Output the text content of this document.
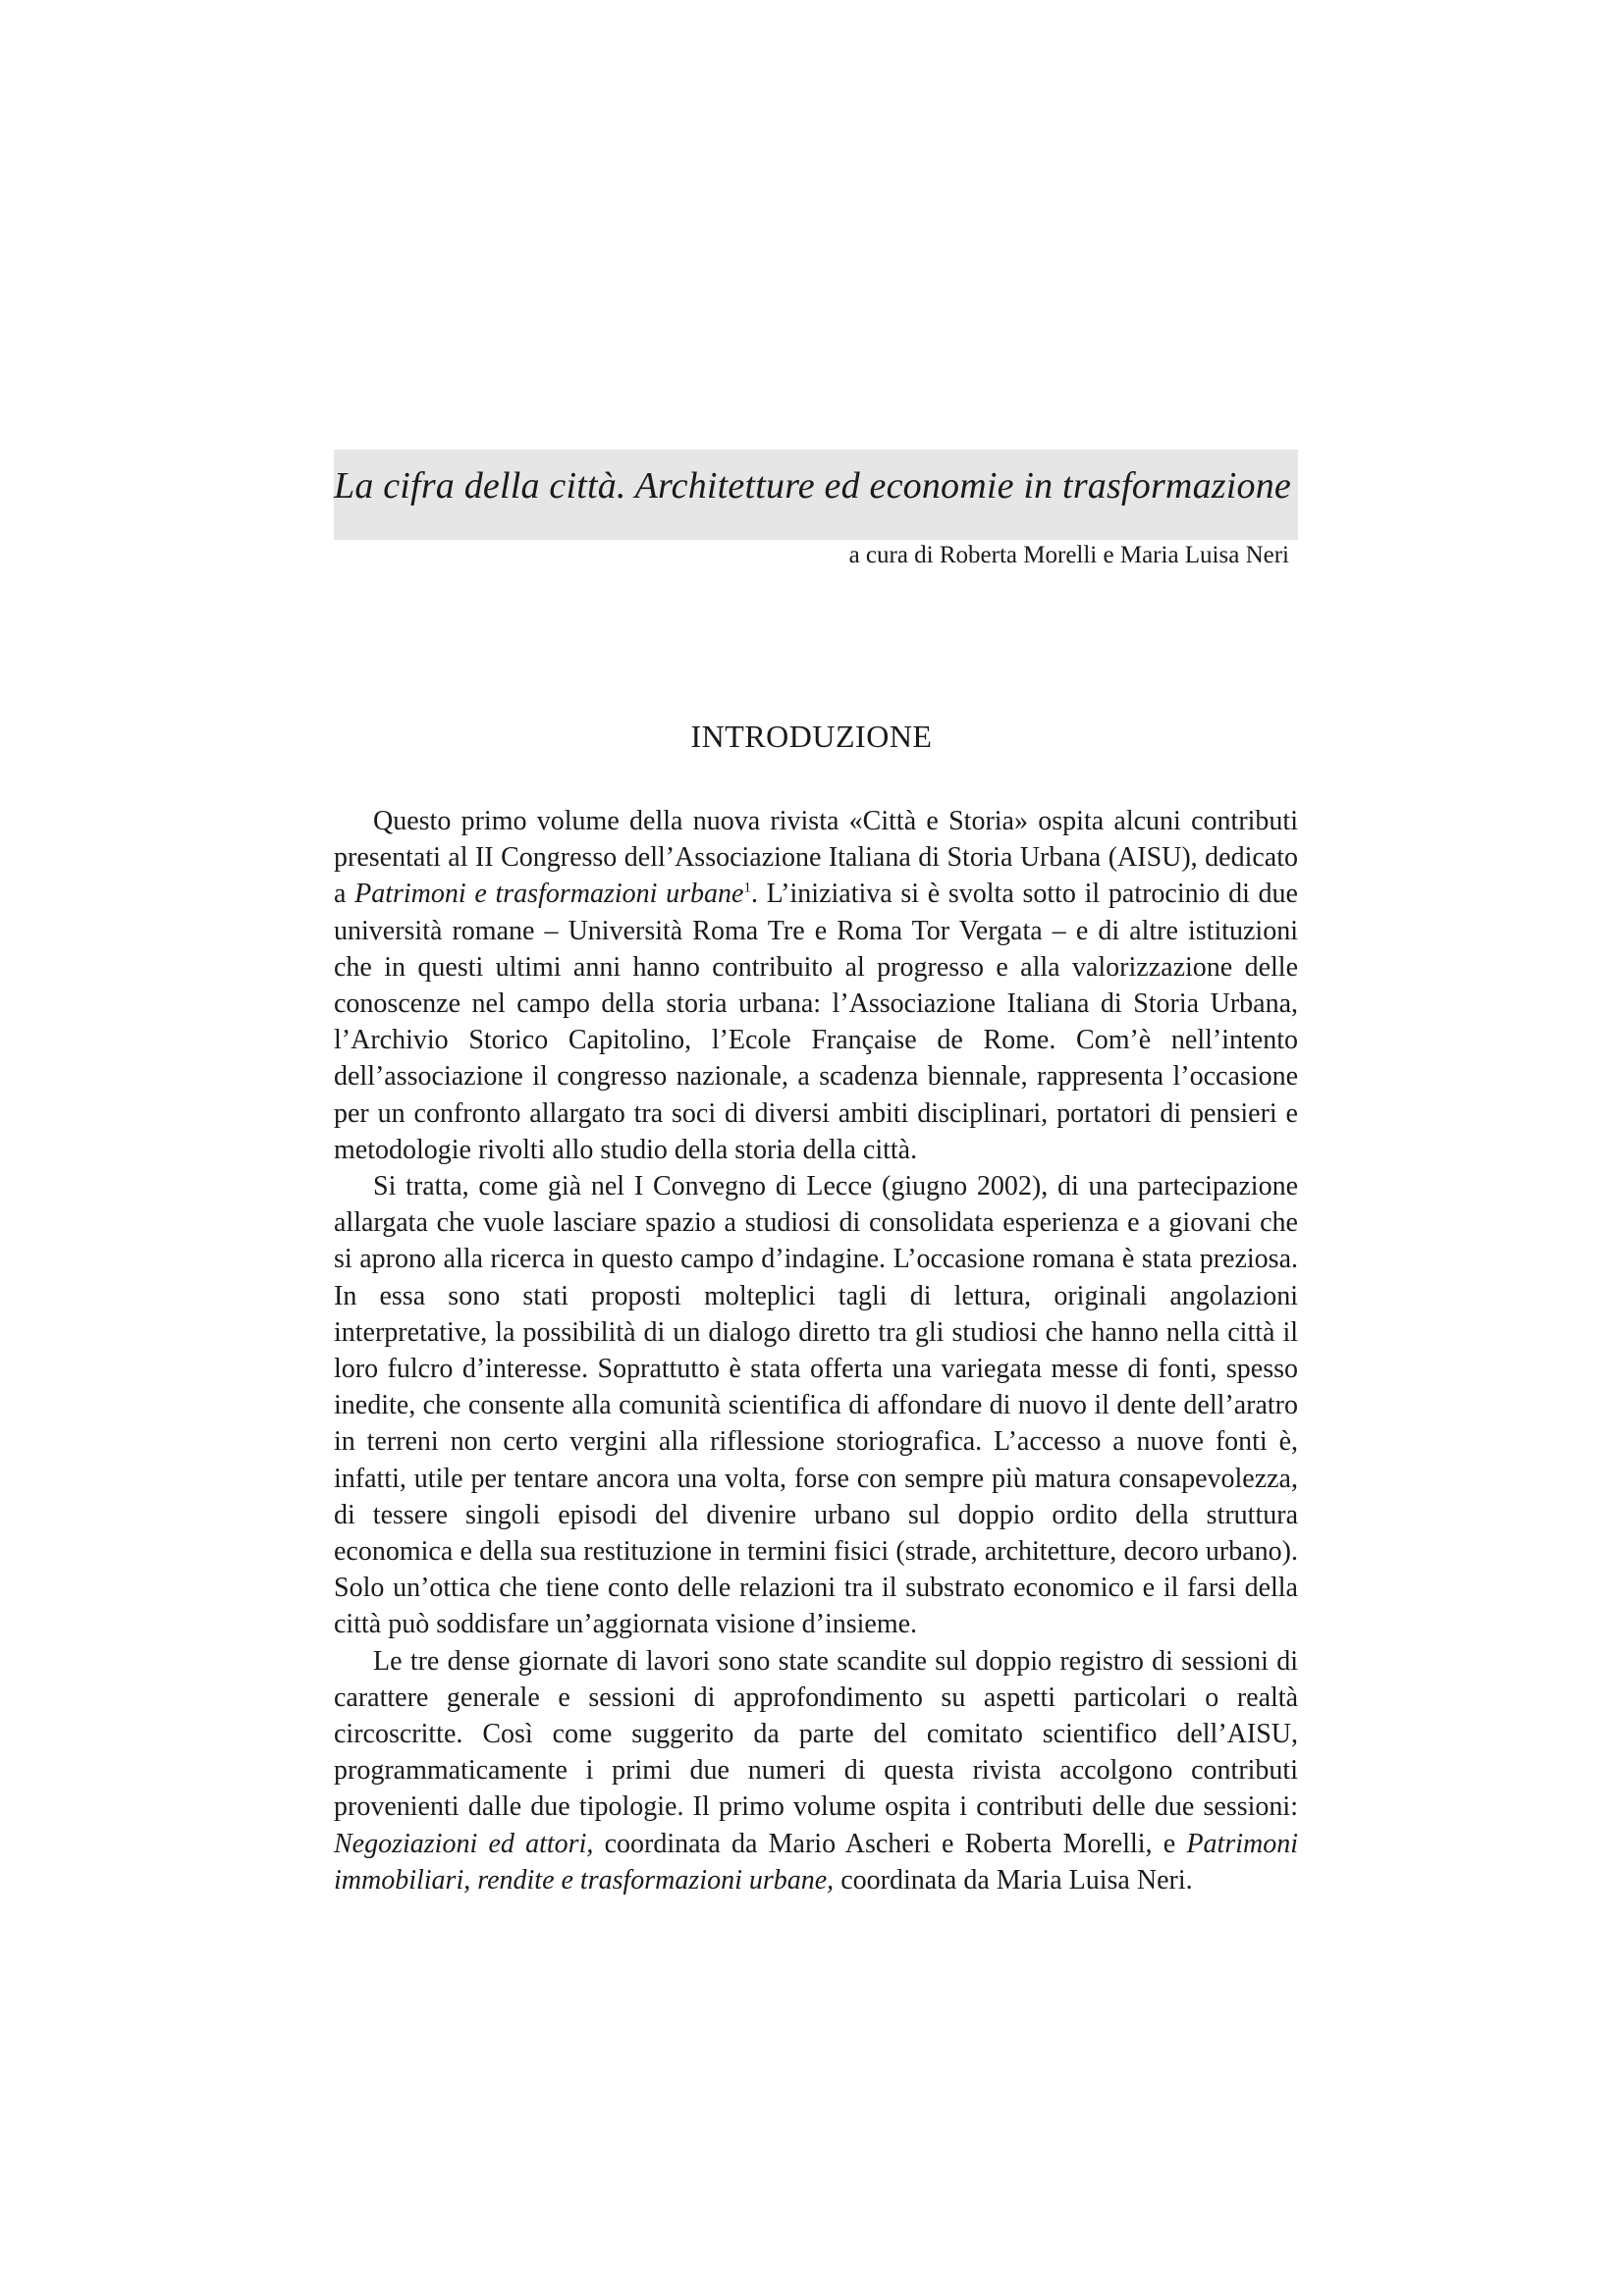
La cifra della città. Architetture ed economie in trasformazione
a cura di Roberta Morelli e Maria Luisa Neri
INTRODUZIONE

Questo primo volume della nuova rivista «Città e Storia» ospita alcuni contributi presentati al II Congresso dell’Associazione Italiana di Storia Urbana (AISU), dedicato a Patrimoni e trasformazioni urbane$^1$. L’iniziativa si è svolta sotto il patrocinio di due università romane – Università Roma Tre e Roma Tor Vergata – e di altre istituzioni che in questi ultimi anni hanno contribuito al progresso e alla valorizzazione delle conoscenze nel campo della storia urbana: l’Associazione Italiana di Storia Urbana, l’Archivio Storico Capitolino, l’Ecole Française de Rome. Com’è nell’intento dell’associazione il congresso nazionale, a scadenza biennale, rappresenta l’occasione per un confronto allargato tra soci di diversi ambiti disciplinari, portatori di pensieri e metodologie rivolti allo studio della storia della città.

Si tratta, come già nel I Convegno di Lecce (giugno 2002), di una partecipazione allargata che vuole lasciare spazio a studiosi di consolidata esperienza e a giovani che si aprono alla ricerca in questo campo d’indagine. L’occasione romana è stata preziosa. In essa sono stati proposti molteplici tagli di lettura, originali angolazioni interpretative, la possibilità di un dialogo diretto tra gli studiosi che hanno nella città il loro fulcro d’interesse. Soprattutto è stata offerta una variegata messe di fonti, spesso inedite, che consente alla comunità scientifica di affondare di nuovo il dente dell’aratro in terreni non certo vergini alla riflessione storiografica. L’accesso a nuove fonti è, infatti, utile per tentare ancora una volta, forse con sempre più matura consapevolezza, di tessere singoli episodi del divenire urbano sul doppio ordito della struttura economica e della sua restituzione in termini fisici (strade, architetture, decoro urbano). Solo un’ottica che tiene conto delle relazioni tra il substrato economico e il farsi della città può soddisfare un’aggiornata visione d’insieme.

Le tre dense giornate di lavori sono state scandite sul doppio registro di sessioni di carattere generale e sessioni di approfondimento su aspetti particolari o realtà circoscritte. Così come suggerito da parte del comitato scientifico dell’AISU, programmaticamente i primi due numeri di questa rivista accolgono contributi provenienti dalle due tipologie. Il primo volume ospita i contributi delle due sessioni: Negoziazioni ed attori, coordinata da Mario Ascheri e Roberta Morelli, e Patrimoni immobiliari, rendite e trasformazioni urbane, coordinata da Maria Luisa Neri.
